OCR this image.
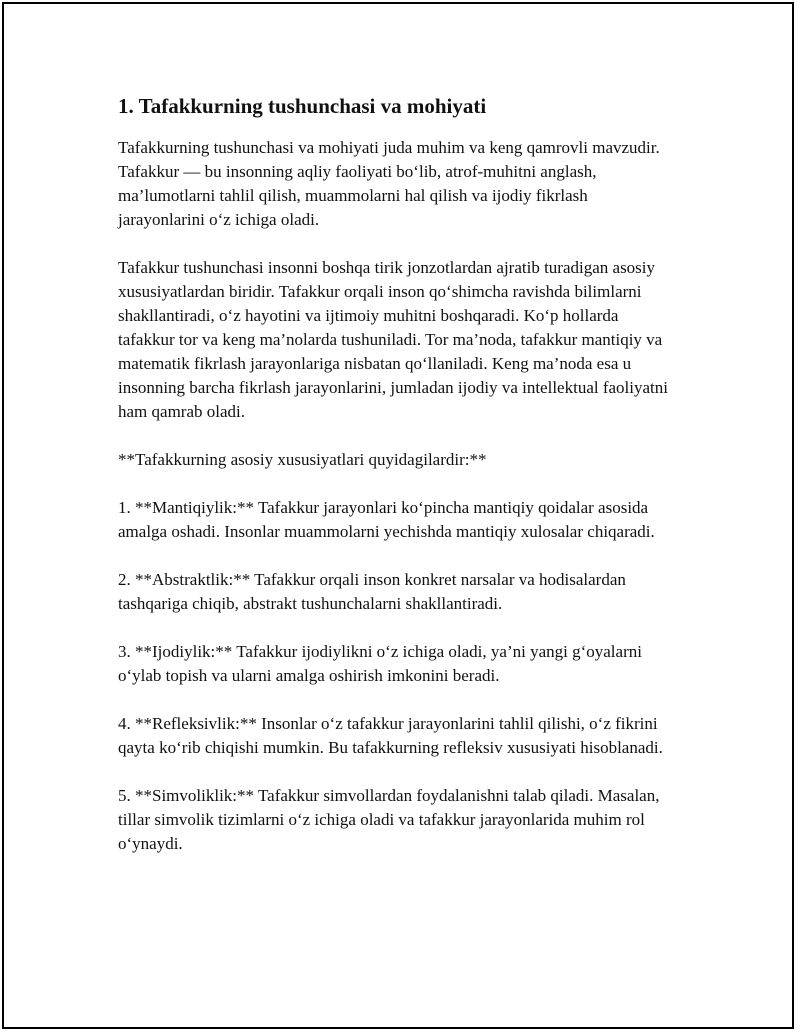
1. Tafakkurning tushunchasi va mohiyati

Tafakkurning tushunchasi va mohiyati juda muhim va keng qamrovli mavzudir. Tafakkur — bu insonning aqliy faoliyati bo‘lib, atrof-muhitni anglash, ma’lumotlarni tahlil qilish, muammolarni hal qilish va ijodiy fikrlash jarayonlarini o‘z ichiga oladi.

Tafakkur tushunchasi insonni boshqa tirik jonzotlardan ajratib turadigan asosiy xususiyatlardan biridir. Tafakkur orqali inson qo‘shimcha ravishda bilimlarni shakllantiradi, o‘z hayotini va ijtimoiy muhitni boshqaradi. Ko‘p hollarda tafakkur tor va keng ma’nolarda tushuniladi. Tor ma’noda, tafakkur mantiqiy va matematik fikrlash jarayonlariga nisbatan qo‘llaniladi. Keng ma’noda esa u insonning barcha fikrlash jarayonlarini, jumladan ijodiy va intellektual faoliyatni ham qamrab oladi.

**Tafakkurning asosiy xususiyatlari quyidagilardir:**

1. **Mantiqiylik:** Tafakkur jarayonlari ko‘pincha mantiqiy qoidalar asosida amalga oshadi. Insonlar muammolarni yechishda mantiqiy xulosalar chiqaradi.

2. **Abstraktlik:** Tafakkur orqali inson konkret narsalar va hodisalardan tashqariga chiqib, abstrakt tushunchalarni shakllantiradi.

3. **Ijodiylik:** Tafakkur ijodiylikni o‘z ichiga oladi, ya’ni yangi g‘oyalarni o‘ylab topish va ularni amalga oshirish imkonini beradi.

4. **Refleksivlik:** Insonlar o‘z tafakkur jarayonlarini tahlil qilishi, o‘z fikrini qayta ko‘rib chiqishi mumkin. Bu tafakkurning refleksiv xususiyati hisoblanadi.

5. **Simvoliklik:** Tafakkur simvollardan foydalanishni talab qiladi. Masalan, tillar simvolik tizimlarni o‘z ichiga oladi va tafakkur jarayonlarida muhim rol o‘ynaydi.
